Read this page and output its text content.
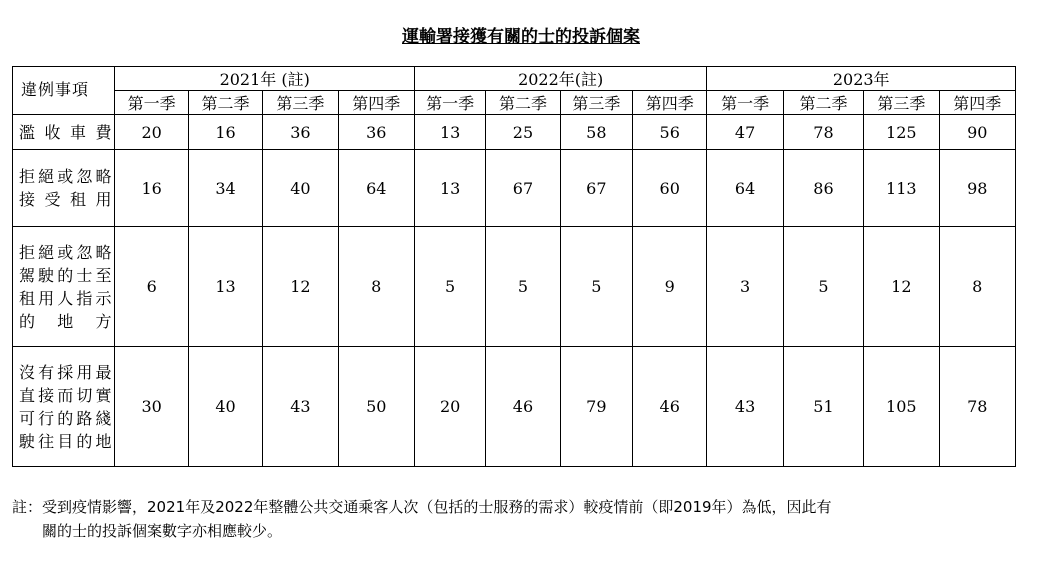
運輸署接獲有關的士的投訴個案
違例事項	2021年 (註)				2022年(註)				2023年			
	第一季	第二季	第三季	第四季	第一季	第二季	第三季	第四季	第一季	第二季	第三季	第四季
濫收車費	20	16	36	36	13	25	58	56	47	78	125	90
拒絕或忽略接受租用	16	34	40	64	13	67	67	60	64	86	113	98
拒絕或忽略駕駛的士至租用人指示的地方	6	13	12	8	5	5	5	9	3	5	12	8
沒有採用最直接而切實可行的路綫駛往目的地	30	40	43	50	20	46	79	46	43	51	105	78
註：受到疫情影響，2021年及2022年整體公共交通乘客人次（包括的士服務的需求）較疫情前（即2019年）為低，因此有
關的士的投訴個案數字亦相應較少。
